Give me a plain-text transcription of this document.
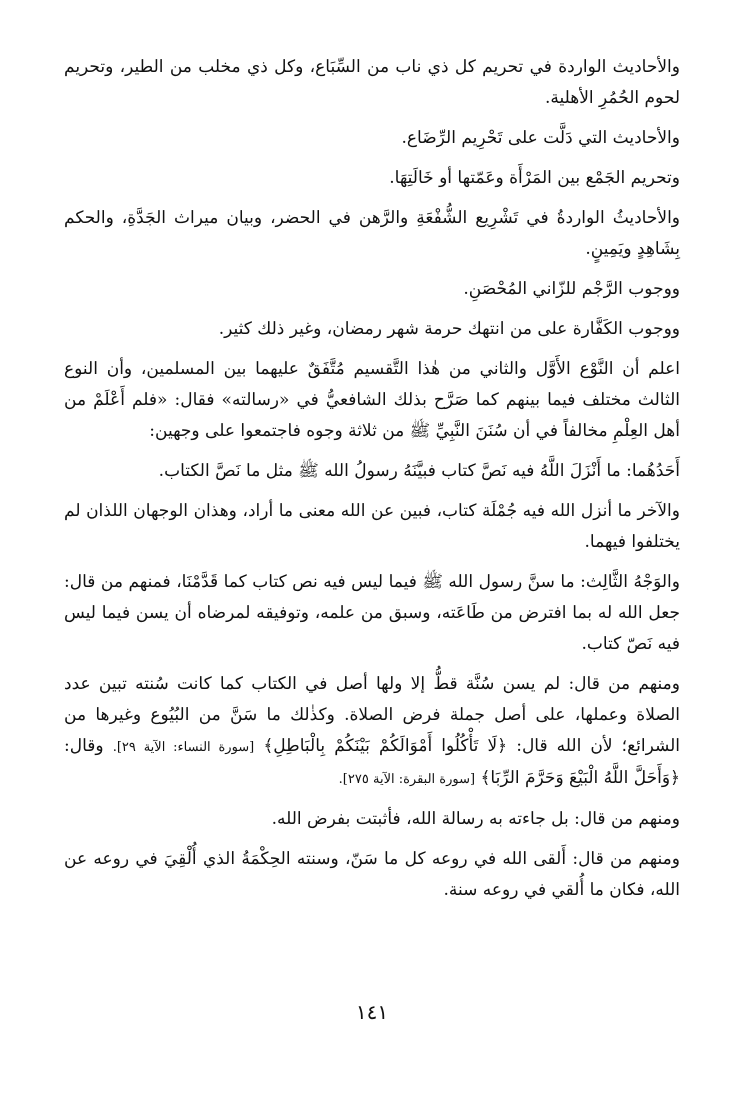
والأحاديث الواردة في تحريم كل ذي ناب من السِّبَاع، وكل ذي مخلب من الطير، وتحريم لحوم الحُمُرِ الأهلية.

والأحاديث التي دَلَّت على تَحْرِيم الرِّضَاع.

وتحريم الجَمْع بين المَرْأَة وعَمّتها أو خَالَتِهَا.

والأحاديثُ الواردةُ في تَشْرِيع الشُّفْعَةِ والرَّهن في الحضر، وبيان ميراث الجَدَّةِ، والحكم بِشَاهِدٍ ويَمِينٍ.

ووجوب الرَّجْم للزّاني المُحْصَنِ.

ووجوب الكَفَّارة على من انتهك حرمة شهر رمضان، وغير ذلك كثير.

اعلم أن النَّوْع الأَوَّل والثاني من هٰذا التَّقسيم مُتَّفَقٌ عليهما بين المسلمين، وأن النوع الثالث مختلف فيما بينهم كما صَرَّح بذلك الشافعيُّ في «رسالته» فقال: «فلم أَعْلَمْ من أهل العِلْمِ مخالفاً في أن سُنَنَ النَّبِيِّ ﷺ من ثلاثة وجوه فاجتمعوا على وجهين:

أَحَدُهُما: ما أَنْزَلَ اللَّهُ فيه نَصَّ كتاب فبيَّنَهُ رسولُ الله ﷺ مثل ما نَصَّ الكتاب.

والآخر ما أنزل الله فيه جُمْلَة كتاب، فبين عن الله معنى ما أراد، وهذان الوجهان اللذان لم يختلفوا فيهما.

والوَجْهُ الثَّالِث: ما سنَّ رسول الله ﷺ فيما ليس فيه نص كتاب كما قَدَّمْنَا، فمنهم من قال: جعل الله له بما افترض من طَاعَته، وسبق من علمه، وتوفيقه لمرضاه أن يسن فيما ليس فيه نَصّ كتاب.

ومنهم من قال: لم يسن سُنَّة قطُّ إلا ولها أصل في الكتاب كما كانت سُنته تبين عدد الصلاة وعملها، على أصل جملة فرض الصلاة. وكذٰلك ما سَنَّ من البُيُوع وغيرها من الشرائع؛ لأن الله قال: ﴿لَا تَأْكُلُوا أَمْوَالَكُمْ بَيْنَكُمْ بِالْبَاطِلِ﴾ [سورة النساء: الآية ٢٩]. وقال: ﴿وَأَحَلَّ اللَّهُ الْبَيْعَ وَحَرَّمَ الرِّبَا﴾ [سورة البقرة: الآية ٢٧٥].

ومنهم من قال: بل جاءته به رسالة الله، فأثبتت بفرض الله.

ومنهم من قال: أَلقى الله في روعه كل ما سَنّ، وسنته الحِكْمَةُ الذي أُلْقِيَ في روعه عن الله، فكان ما أُلقي في روعه سنة.

١٤١
